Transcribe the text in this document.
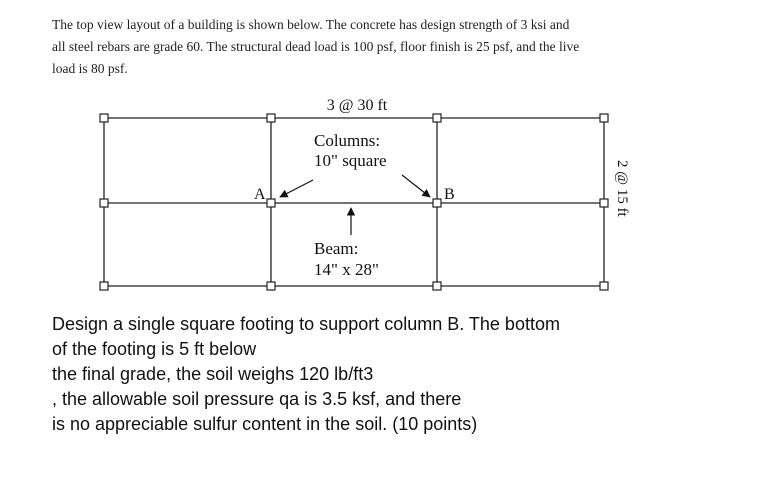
The top view layout of a building is shown below. The concrete has design strength of 3 ksi and
all steel rebars are grade 60. The structural dead load is 100 psf, floor finish is 25 psf, and the live
load is 80 psf.
3 @ 30 ft
Columns:
10" square
Beam:
14" x 28"
A	B	2 @ 15 ft
Design a single square footing to support column B. The bottom
of the footing is 5 ft below
the final grade, the soil weighs 120 lb/ft3
, the allowable soil pressure qa is 3.5 ksf, and there
is no appreciable sulfur content in the soil. (10 points)
